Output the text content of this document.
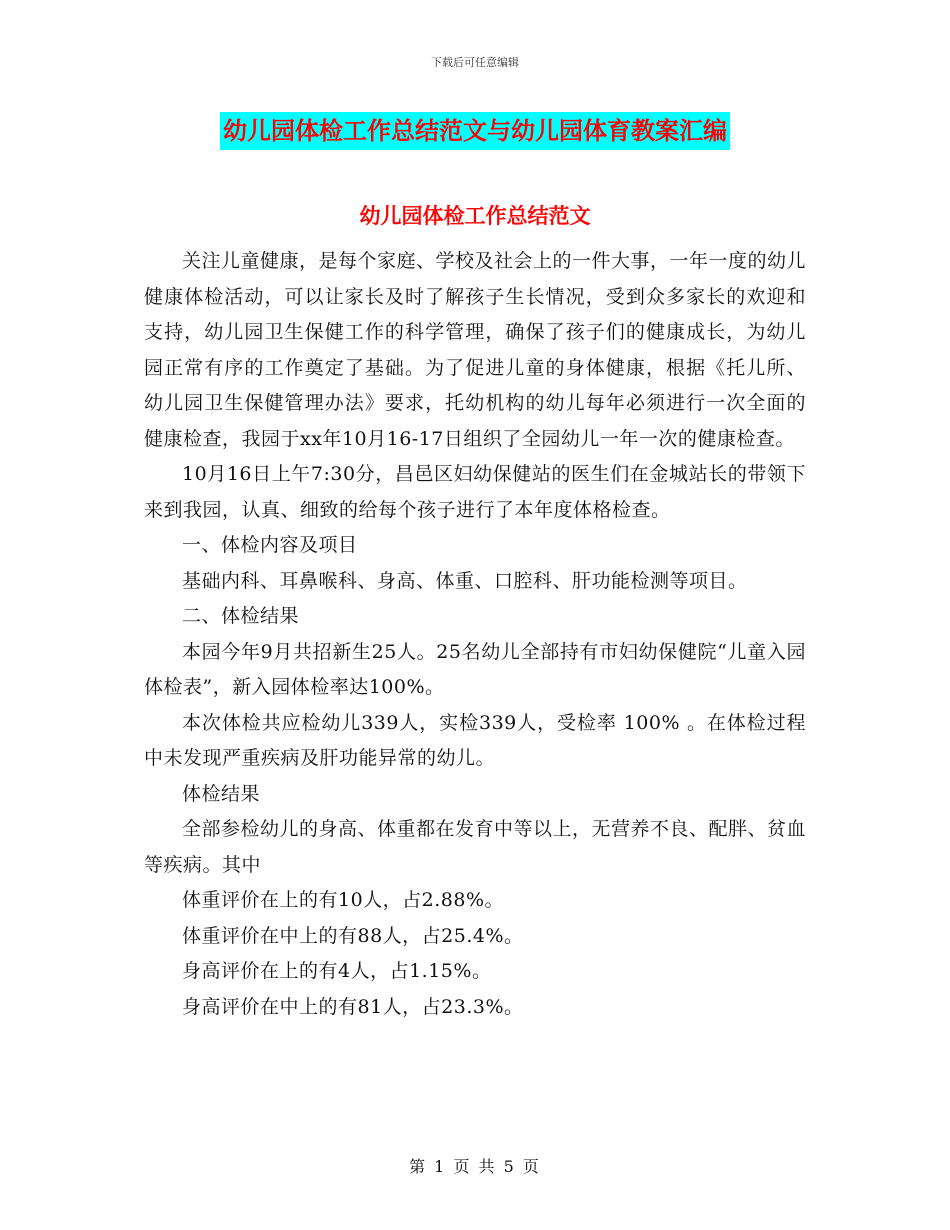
下载后可任意编辑
幼儿园体检工作总结范文与幼儿园体育教案汇编
幼儿园体检工作总结范文

关注儿童健康，是每个家庭、学校及社会上的一件大事，一年一度的幼儿健康体检活动，可以让家长及时了解孩子生长情况，受到众多家长的欢迎和支持，幼儿园卫生保健工作的科学管理，确保了孩子们的健康成长，为幼儿园正常有序的工作奠定了基础。为了促进儿童的身体健康，根据《托儿所、幼儿园卫生保健管理办法》要求，托幼机构的幼儿每年必须进行一次全面的健康检查，我园于xx年10月16-17日组织了全园幼儿一年一次的健康检查。

10月16日上午7:30分，昌邑区妇幼保健站的医生们在金城站长的带领下来到我园，认真、细致的给每个孩子进行了本年度体格检查。

一、体检内容及项目

基础内科、耳鼻喉科、身高、体重、口腔科、肝功能检测等项目。

二、体检结果

本园今年9月共招新生25人。25名幼儿全部持有市妇幼保健院“儿童入园体检表”，新入园体检率达100%。

本次体检共应检幼儿339人，实检339人，受检率 100% 。在体检过程中未发现严重疾病及肝功能异常的幼儿。

体检结果

全部参检幼儿的身高、体重都在发育中等以上，无营养不良、配胖、贫血等疾病。其中

体重评价在上的有10人，占2.88%。

体重评价在中上的有88人，占25.4%。

身高评价在上的有4人，占1.15%。

身高评价在中上的有81人，占23.3%。

第 1 页 共 5 页
